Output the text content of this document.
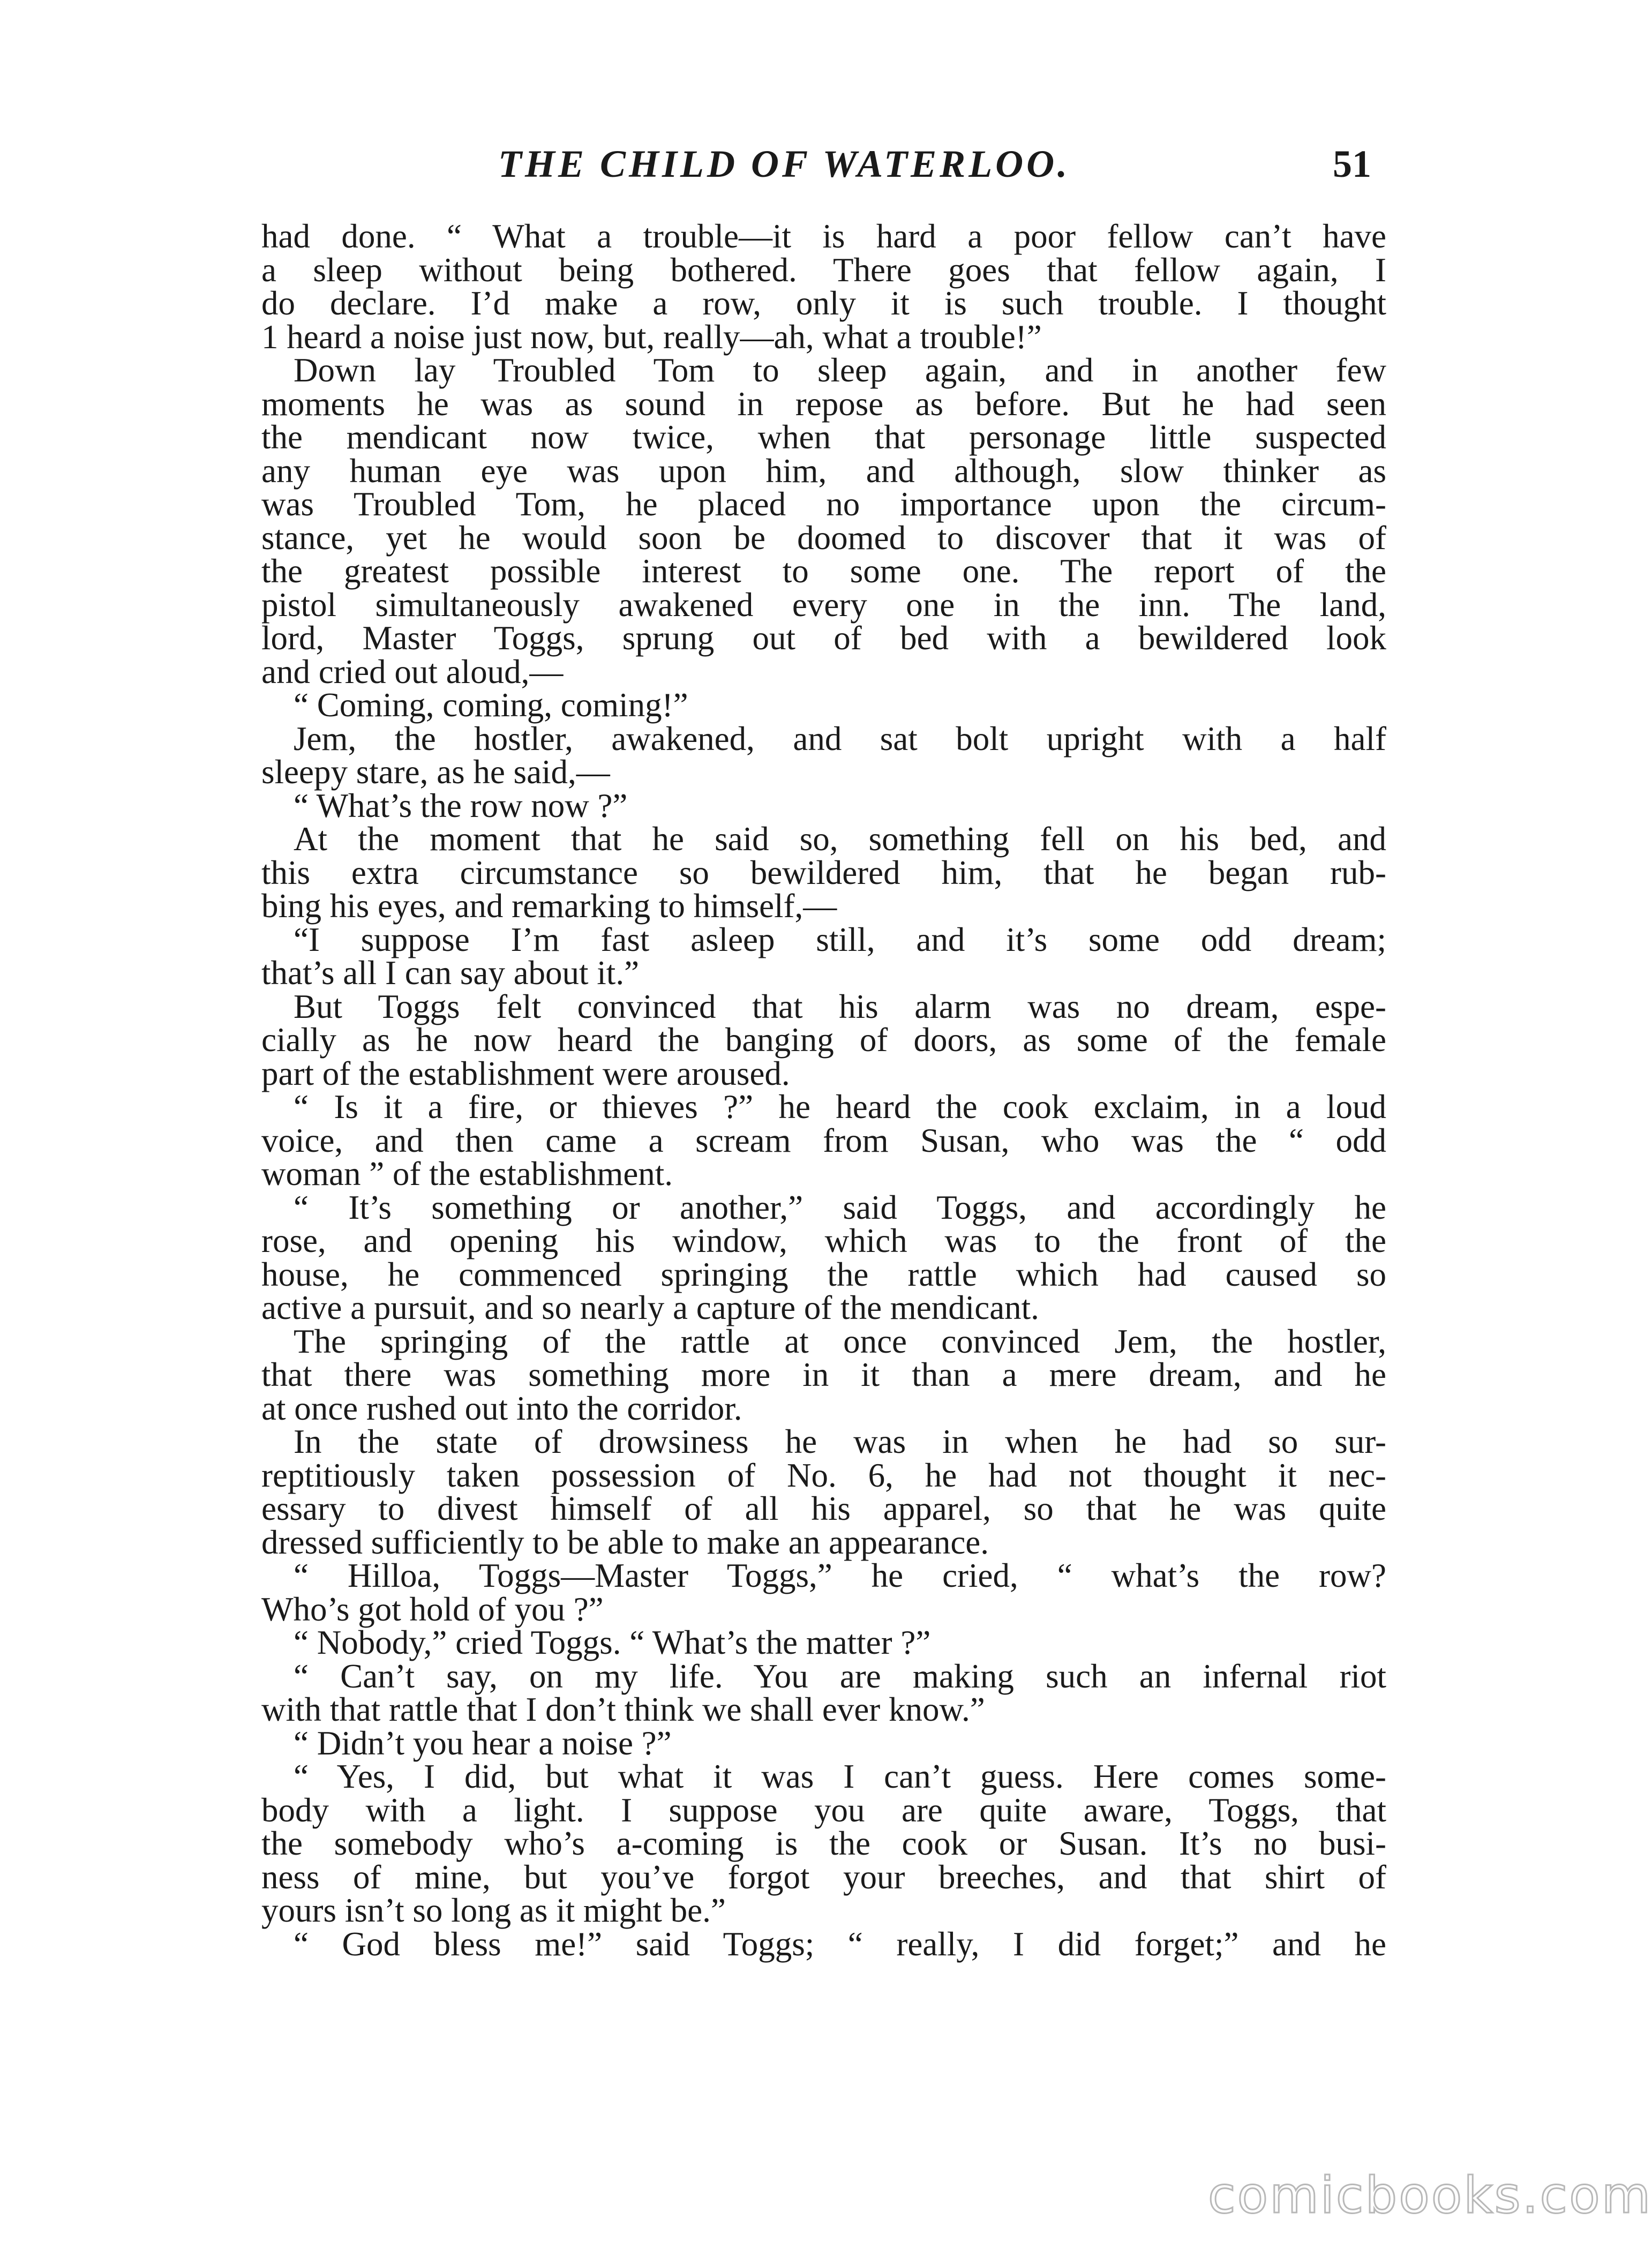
THE CHILD OF WATERLOO.	51
had done. “ What a trouble—it is hard a poor fellow can’t have
a sleep without being bothered. There goes that fellow again, I
do declare. I’d make a row, only it is such trouble. I thought
1 heard a noise just now, but, really—ah, what a trouble!”
Down lay Troubled Tom to sleep again, and in another few
moments he was as sound in repose as before. But he had seen
the mendicant now twice, when that personage little suspected
any human eye was upon him, and although, slow thinker as
was Troubled Tom, he placed no importance upon the circum-
stance, yet he would soon be doomed to discover that it was of
the greatest possible interest to some one. The report of the
pistol simultaneously awakened every one in the inn. The land,
lord, Master Toggs, sprung out of bed with a bewildered look
and cried out aloud,—
“ Coming, coming, coming!”
Jem, the hostler, awakened, and sat bolt upright with a half
sleepy stare, as he said,—
“ What’s the row now ?”
At the moment that he said so, something fell on his bed, and
this extra circumstance so bewildered him, that he began rub-
bing his eyes, and remarking to himself,—
“I suppose I’m fast asleep still, and it’s some odd dream;
that’s all I can say about it.”
But Toggs felt convinced that his alarm was no dream, espe-
cially as he now heard the banging of doors, as some of the female
part of the establishment were aroused.
“ Is it a fire, or thieves ?” he heard the cook exclaim, in a loud
voice, and then came a scream from Susan, who was the “ odd
woman ” of the establishment.
“ It’s something or another,” said Toggs, and accordingly he
rose, and opening his window, which was to the front of the
house, he commenced springing the rattle which had caused so
active a pursuit, and so nearly a capture of the mendicant.
The springing of the rattle at once convinced Jem, the hostler,
that there was something more in it than a mere dream, and he
at once rushed out into the corridor.
In the state of drowsiness he was in when he had so sur-
reptitiously taken possession of No. 6, he had not thought it nec-
essary to divest himself of all his apparel, so that he was quite
dressed sufficiently to be able to make an appearance.
“ Hilloa, Toggs—Master Toggs,” he cried, “ what’s the row?
Who’s got hold of you ?”
“ Nobody,” cried Toggs. “ What’s the matter ?”
“ Can’t say, on my life. You are making such an infernal riot
with that rattle that I don’t think we shall ever know.”
“ Didn’t you hear a noise ?”
“ Yes, I did, but what it was I can’t guess. Here comes some-
body with a light. I suppose you are quite aware, Toggs, that
the somebody who’s a-coming is the cook or Susan. It’s no busi-
ness of mine, but you’ve forgot your breeches, and that shirt of
yours isn’t so long as it might be.”
“ God bless me!” said Toggs; “ really, I did forget;” and he
comicbooks.com
